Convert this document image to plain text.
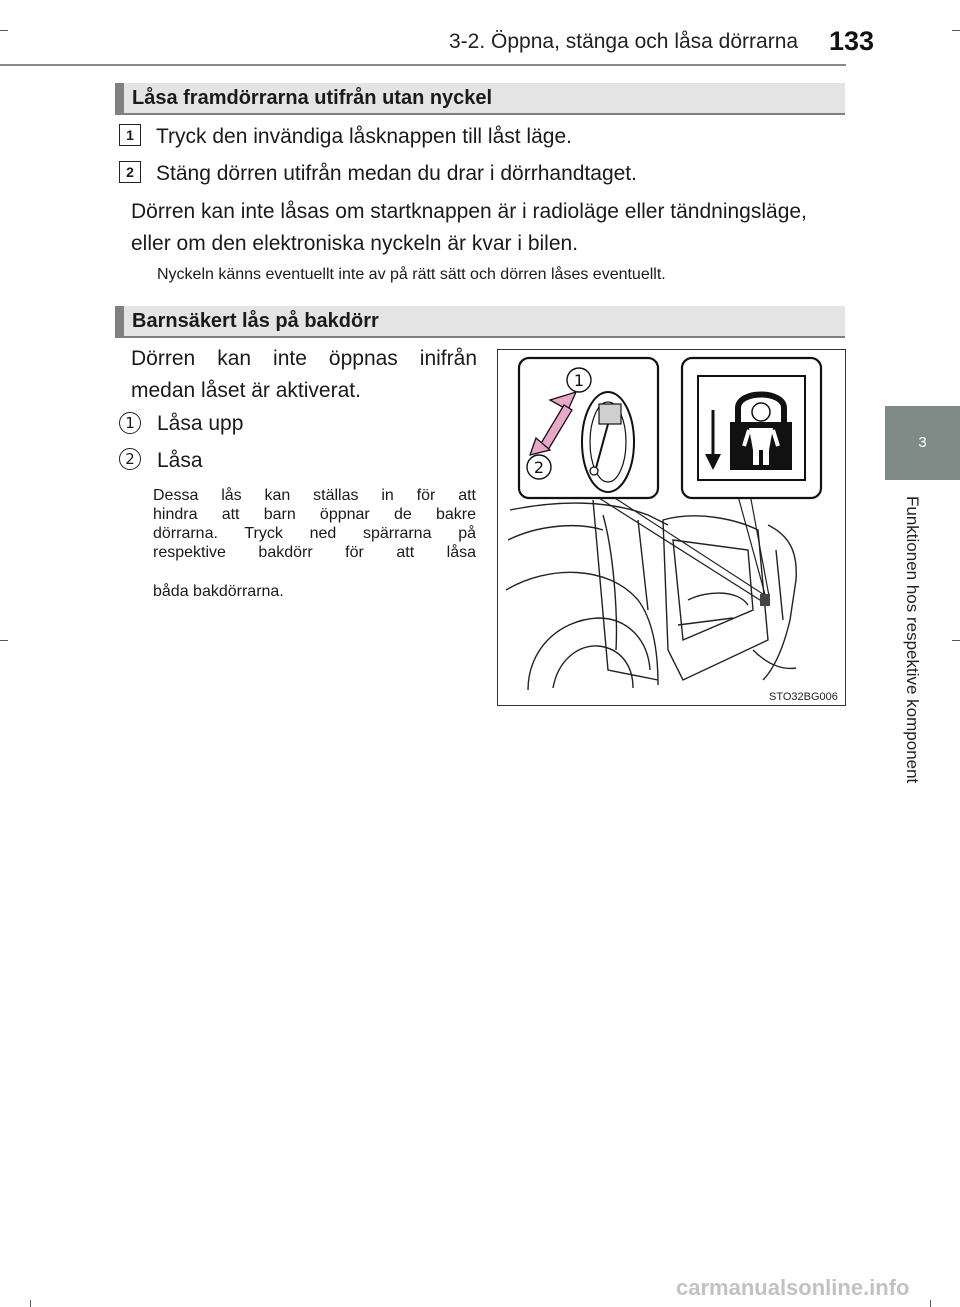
3-2. Öppna, stänga och låsa dörrarna 133
3
Funktionen hos respektive komponent
Låsa framdörrarna utifrån utan nyckel
1	Tryck den invändiga låsknappen till låst läge.
2	Stäng dörren utifrån medan du drar i dörrhandtaget.
Dörren kan inte låsas om startknappen är i radioläge eller tändningsläge,
eller om den elektroniska nyckeln är kvar i bilen.
Nyckeln känns eventuellt inte av på rätt sätt och dörren låses eventuellt.
Barnsäkert lås på bakdörr
Dörren kan inte öppnas inifrån
medan låset är aktiverat.
1 Låsa upp
2 Låsa
Dessa lås kan ställas in för att
hindra att barn öppnar de bakre
dörrarna. Tryck ned spärrarna på
respektive bakdörr för att låsa
båda bakdörrarna.
1
2
STO32BG006
carmanualsonline.info
